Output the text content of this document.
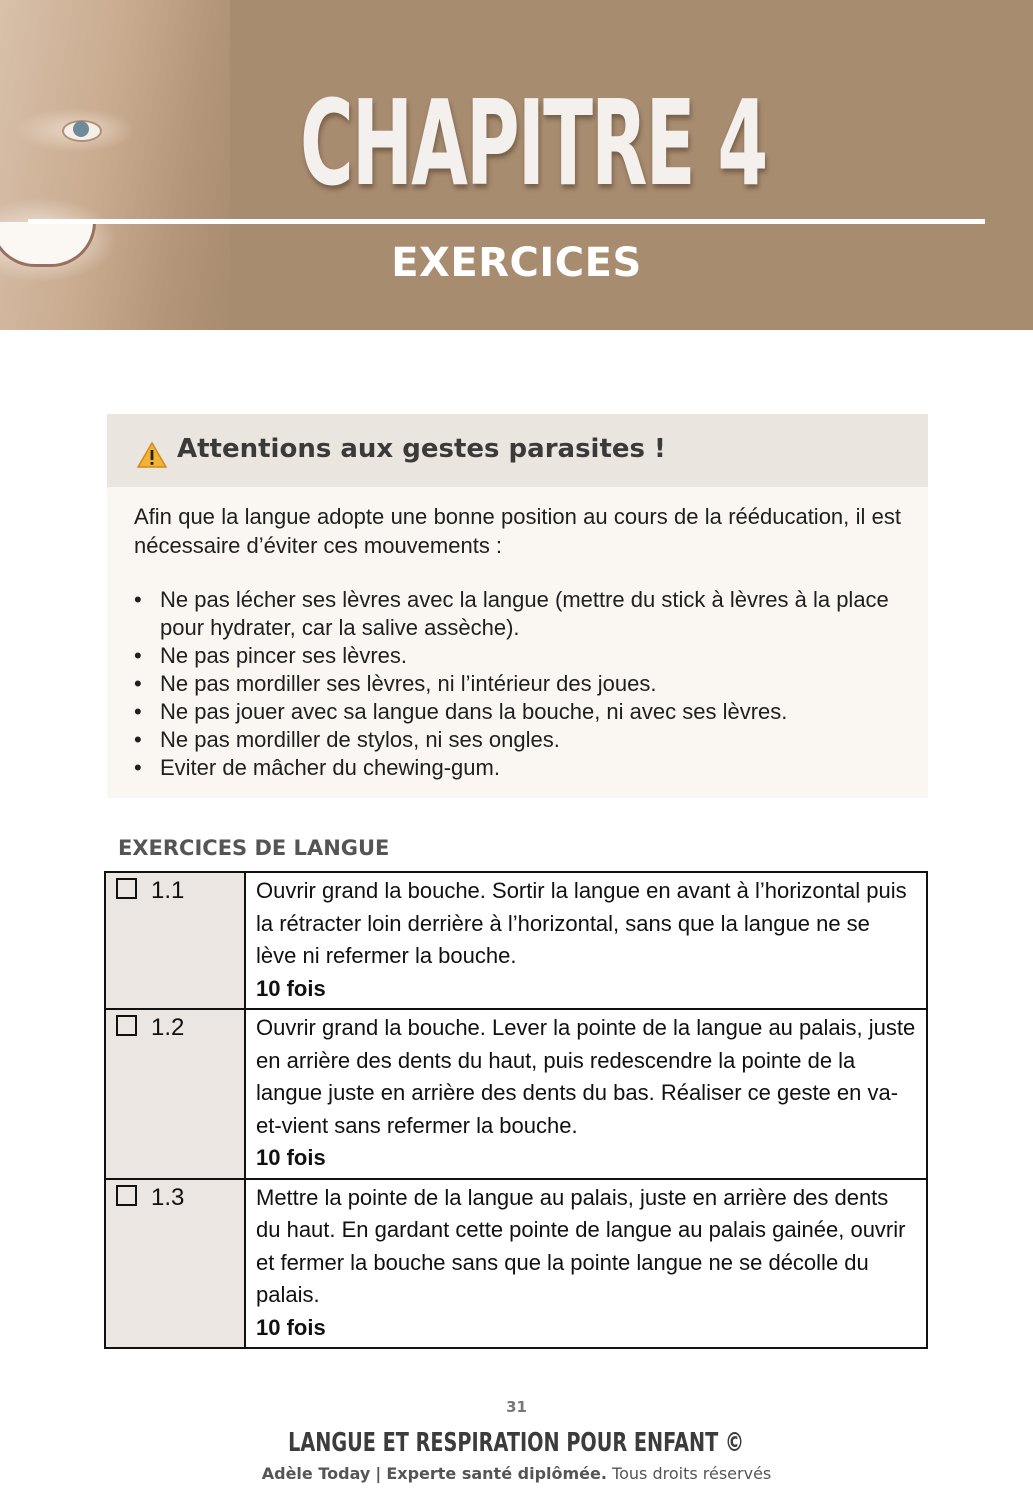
CHAPITRE 4
EXERCICES
Attentions aux gestes parasites !
Afin que la langue adopte une bonne position au cours de la rééducation, il est nécessaire d’éviter ces mouvements :
• Ne pas lécher ses lèvres avec la langue (mettre du stick à lèvres à la place pour hydrater, car la salive assèche).
• Ne pas pincer ses lèvres.
• Ne pas mordiller ses lèvres, ni l’intérieur des joues.
• Ne pas jouer avec sa langue dans la bouche, ni avec ses lèvres.
• Ne pas mordiller de stylos, ni ses ongles.
• Eviter de mâcher du chewing-gum.
EXERCICES DE LANGUE
1.1	Ouvrir grand la bouche. Sortir la langue en avant à l’horizontal puis la rétracter loin derrière à l’horizontal, sans que la langue ne se lève ni refermer la bouche.
10 fois

1.2	Ouvrir grand la bouche. Lever la pointe de la langue au palais, juste en arrière des dents du haut, puis redescendre la pointe de la langue juste en arrière des dents du bas. Réaliser ce geste en va-et-vient sans refermer la bouche.
10 fois

1.3	Mettre la pointe de la langue au palais, juste en arrière des dents du haut. En gardant cette pointe de langue au palais gainée, ouvrir et fermer la bouche sans que la pointe langue ne se décolle du palais.
10 fois
31
LANGUE ET RESPIRATION POUR ENFANT ©
Adèle Today | Experte santé diplômée. Tous droits réservés
